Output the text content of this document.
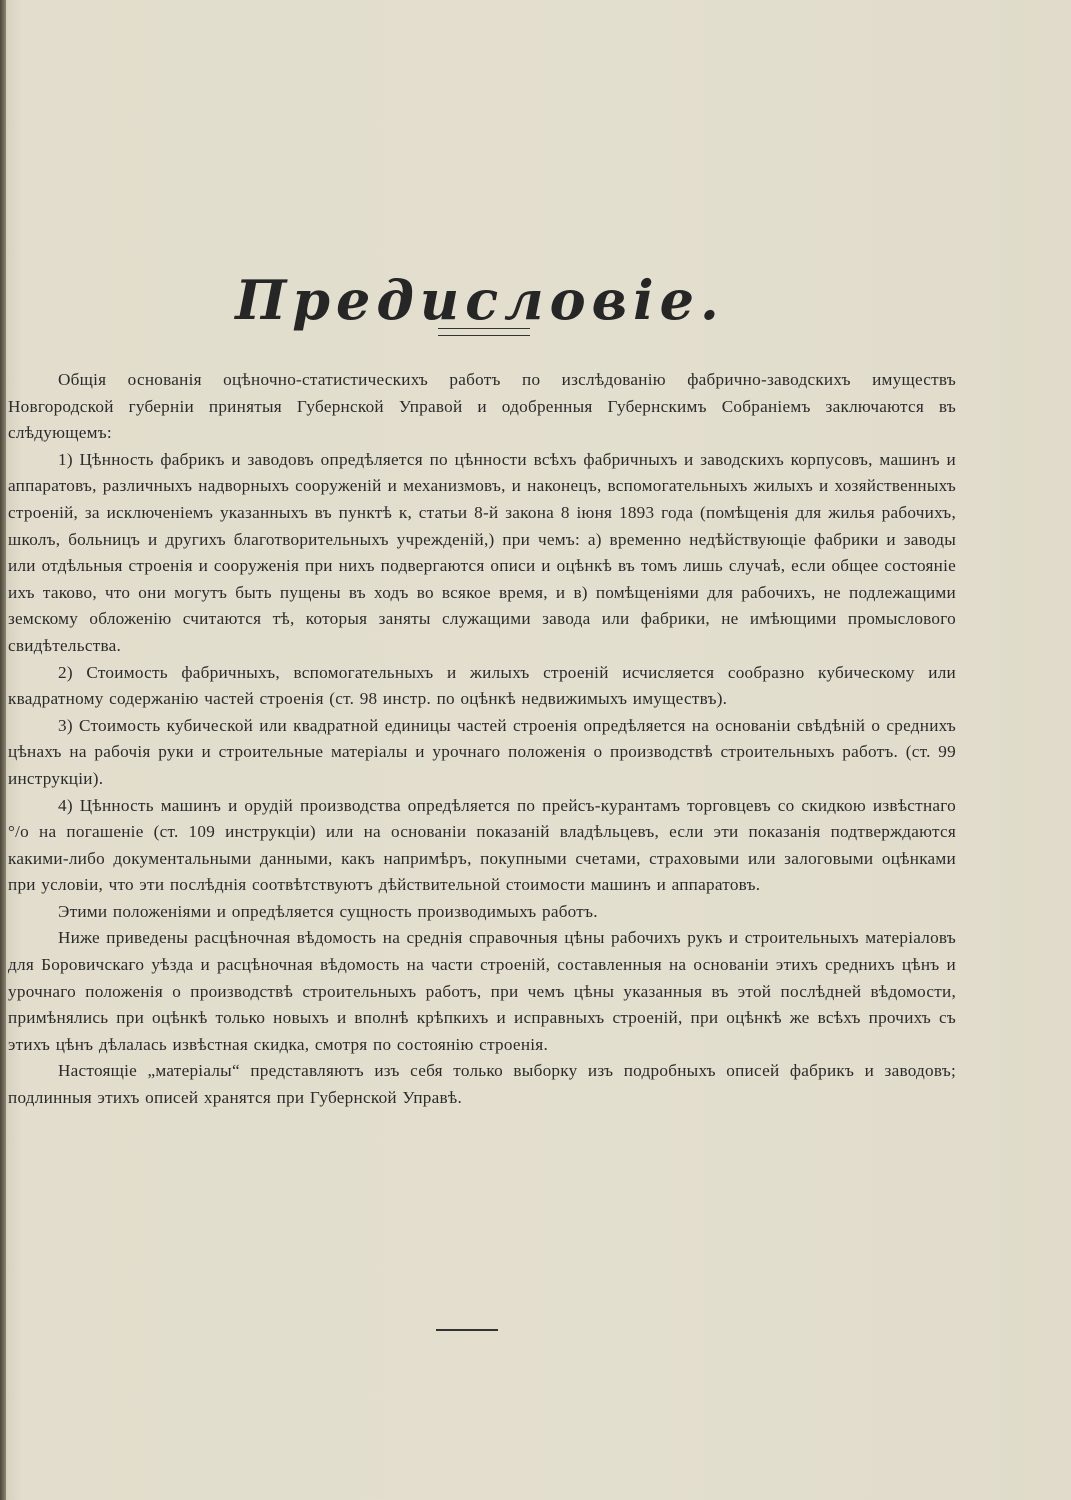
Предисловіе.

Общія основанія оцѣночно-статистическихъ работъ по изслѣдованію фабрично-заводскихъ имуществъ Новгородской губерніи принятыя Губернской Управой и одобренныя Губернскимъ Собраніемъ заключаются въ слѣдующемъ:

1) Цѣнность фабрикъ и заводовъ опредѣляется по цѣнности всѣхъ фабричныхъ и заводскихъ корпусовъ, машинъ и аппаратовъ, различныхъ надворныхъ сооруженій и механизмовъ, и наконецъ, вспомогательныхъ жилыхъ и хозяйственныхъ строеній, за исключеніемъ указанныхъ въ пунктѣ к, статьи 8-й закона 8 іюня 1893 года (помѣщенія для жилья рабочихъ, школъ, больницъ и другихъ благотворительныхъ учрежденій,) при чемъ: а) временно недѣйствующіе фабрики и заводы или отдѣльныя строенія и сооруженія при нихъ подвергаются описи и оцѣнкѣ въ томъ лишь случаѣ, если общее состояніе ихъ таково, что они могутъ быть пущены въ ходъ во всякое время, и в) помѣщеніями для рабочихъ, не подлежащими земскому обложенію считаются тѣ, которыя заняты служащими завода или фабрики, не имѣющими промыслового свидѣтельства.

2) Стоимость фабричныхъ, вспомогательныхъ и жилыхъ строеній исчисляется сообразно кубическому или квадратному содержанію частей строенія (ст. 98 инстр. по оцѣнкѣ недвижимыхъ имуществъ).

3) Стоимость кубической или квадратной единицы частей строенія опредѣляется на основаніи свѣдѣній о среднихъ цѣнахъ на рабочія руки и строительные матеріалы и урочнаго положенія о производствѣ строительныхъ работъ. (ст. 99 инструкціи).

4) Цѣнность машинъ и орудій производства опредѣляется по прейсъ-курантамъ торговцевъ со скидкою извѣстнаго °/о на погашеніе (ст. 109 инструкціи) или на основаніи показаній владѣльцевъ, если эти показанія подтверждаются какими-либо документальными данными, какъ напримѣръ, покупными счетами, страховыми или залоговыми оцѣнками при условіи, что эти послѣднія соотвѣтствуютъ дѣйствительной стоимости машинъ и аппаратовъ.

Этими положеніями и опредѣляется сущность производимыхъ работъ.

Ниже приведены расцѣночная вѣдомость на среднія справочныя цѣны рабочихъ рукъ и строительныхъ матеріаловъ для Боровичскаго уѣзда и расцѣночная вѣдомость на части строеній, составленныя на основаніи этихъ среднихъ цѣнъ и урочнаго положенія о производствѣ строительныхъ работъ, при чемъ цѣны указанныя въ этой послѣдней вѣдомости, примѣнялись при оцѣнкѣ только новыхъ и вполнѣ крѣпкихъ и исправныхъ строеній, при оцѣнкѣ же всѣхъ прочихъ съ этихъ цѣнъ дѣлалась извѣстная скидка, смотря по состоянію строенія.

Настоящіе „матеріалы“ представляютъ изъ себя только выборку изъ подробныхъ описей фабрикъ и заводовъ; подлинныя этихъ описей хранятся при Губернской Управѣ.
